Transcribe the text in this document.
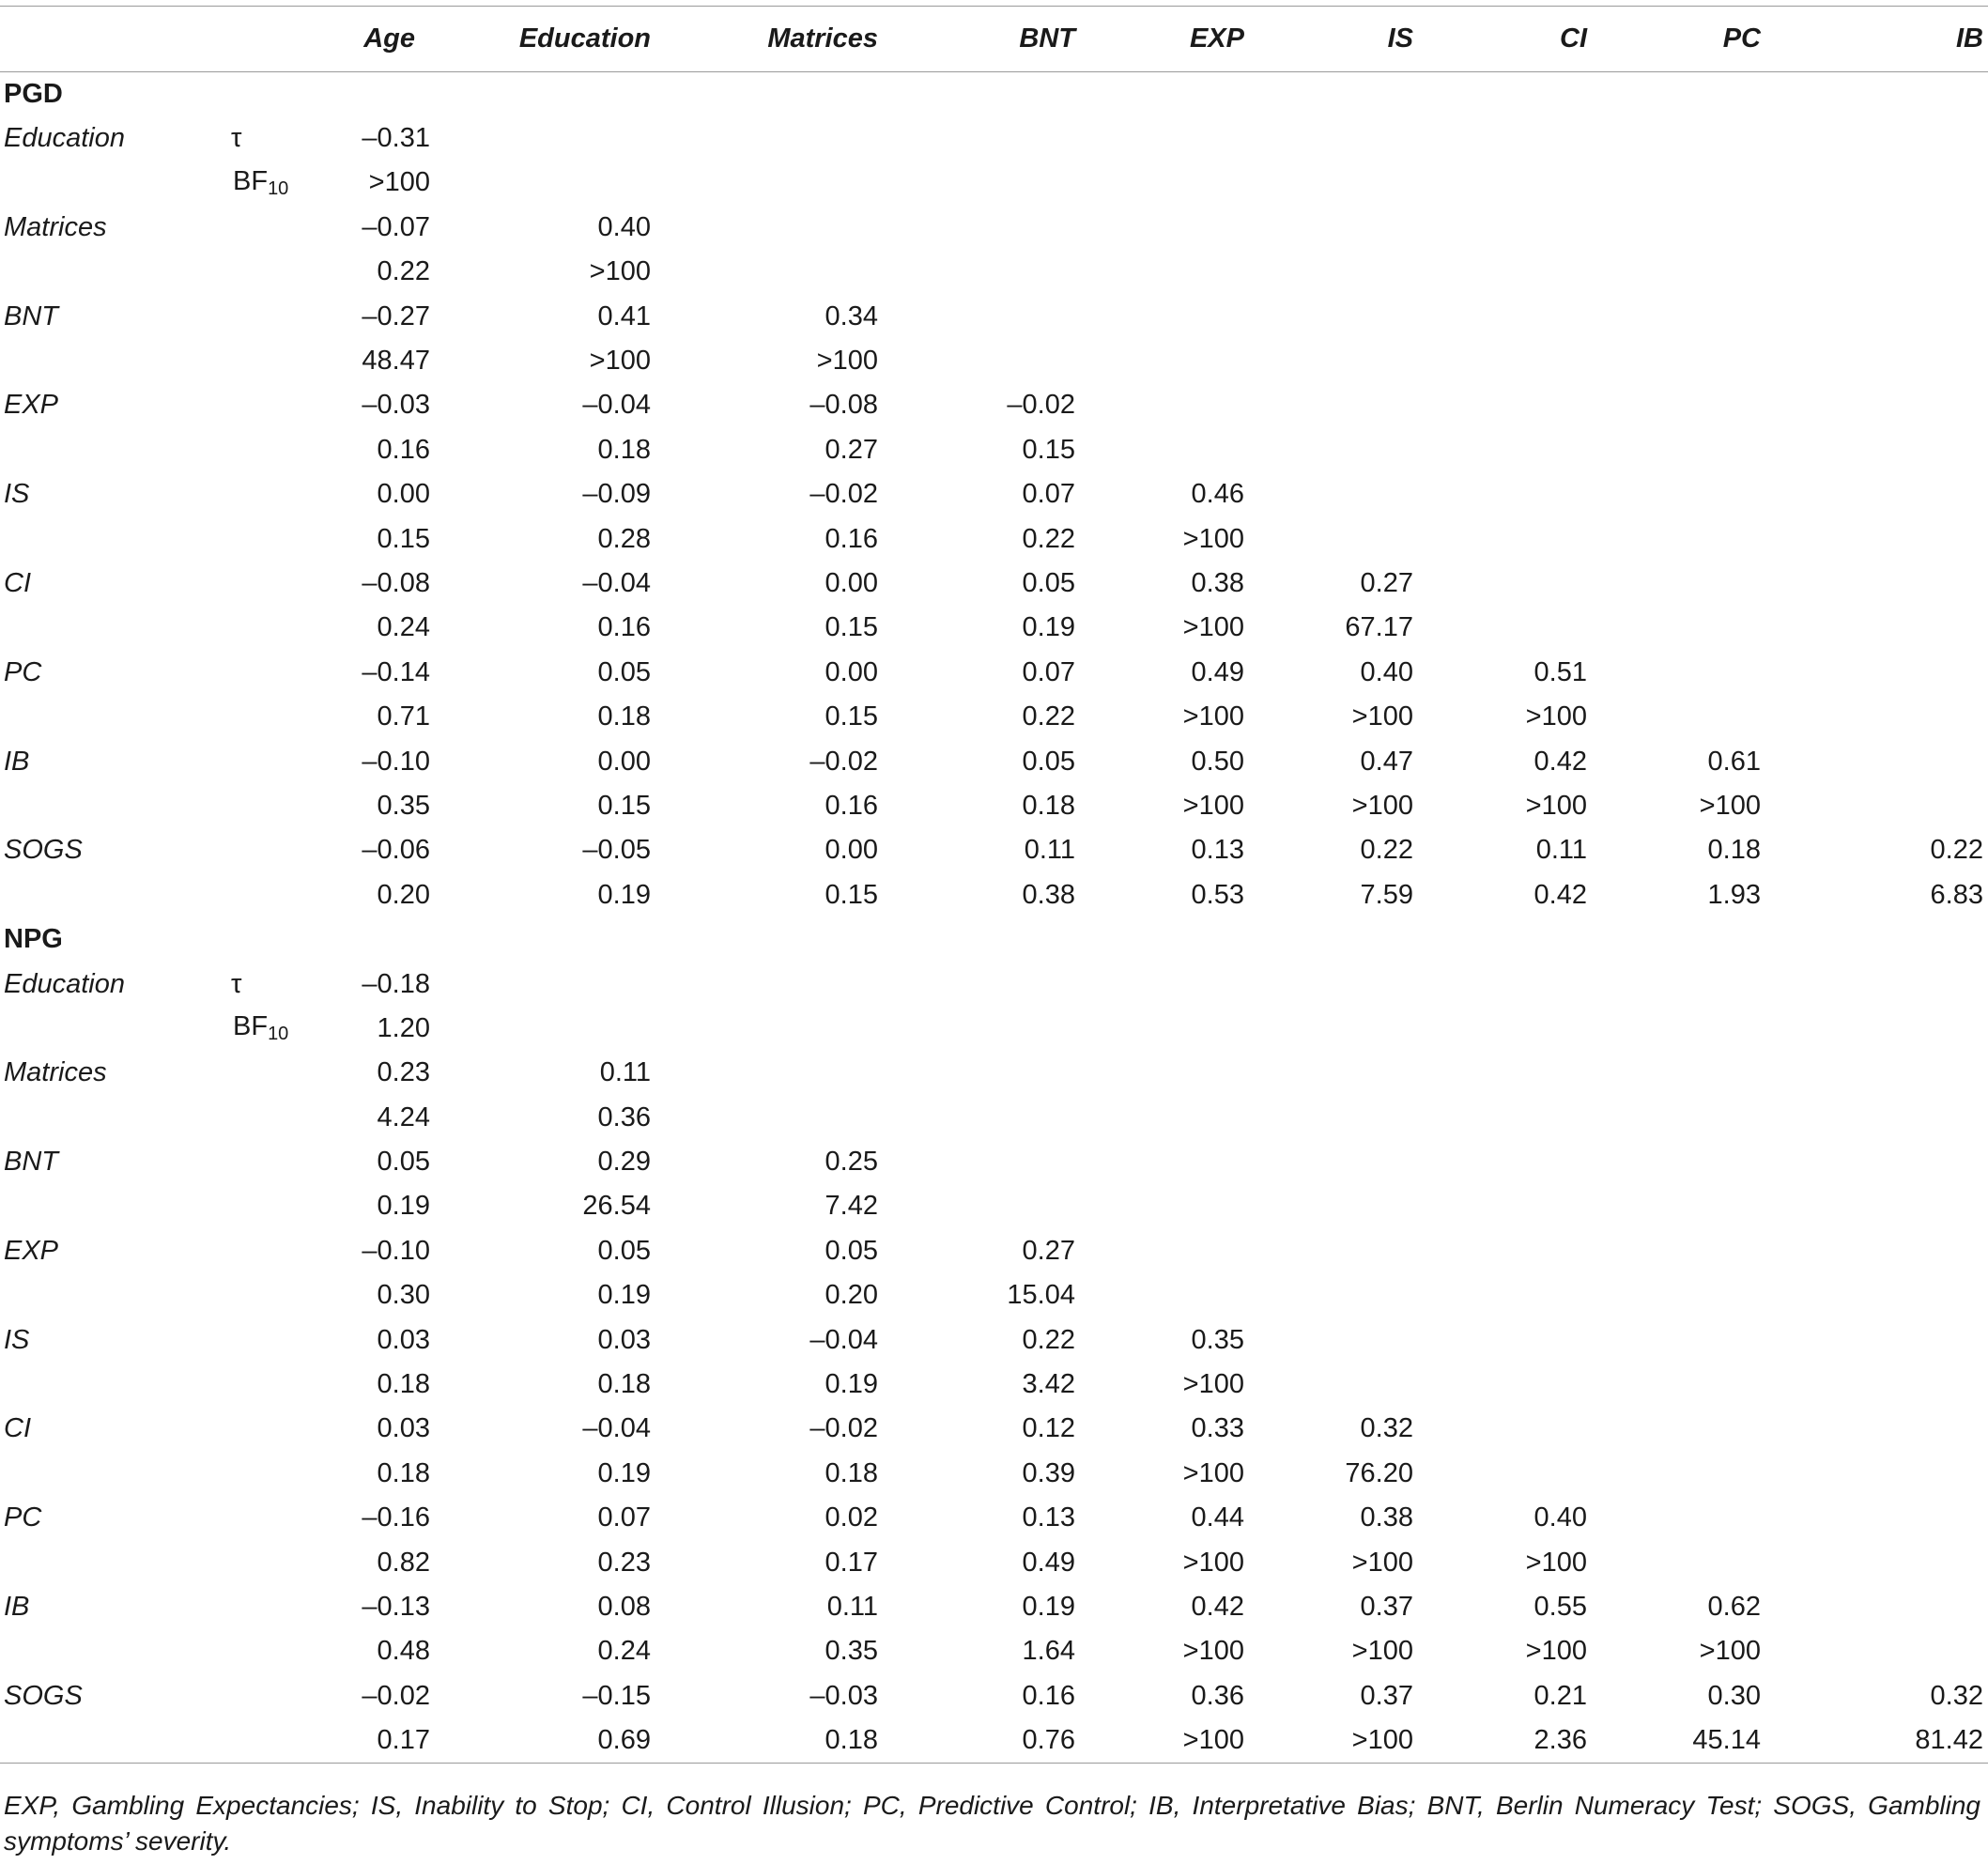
		Age	Education	Matrices	BNT	EXP	IS	CI	PC	IB
PGD										
Education	τ	–0.31								
	$BF_{10}$	>100								
Matrices		–0.07	0.40							
		0.22	>100							
BNT		–0.27	0.41	0.34						
		48.47	>100	>100						
EXP		–0.03	–0.04	–0.08	–0.02					
		0.16	0.18	0.27	0.15					
IS		0.00	–0.09	–0.02	0.07	0.46				
		0.15	0.28	0.16	0.22	>100				
CI		–0.08	–0.04	0.00	0.05	0.38	0.27			
		0.24	0.16	0.15	0.19	>100	67.17			
PC		–0.14	0.05	0.00	0.07	0.49	0.40	0.51		
		0.71	0.18	0.15	0.22	>100	>100	>100		
IB		–0.10	0.00	–0.02	0.05	0.50	0.47	0.42	0.61	
		0.35	0.15	0.16	0.18	>100	>100	>100	>100	
SOGS		–0.06	–0.05	0.00	0.11	0.13	0.22	0.11	0.18	0.22
		0.20	0.19	0.15	0.38	0.53	7.59	0.42	1.93	6.83
NPG										
Education	τ	–0.18								
	$BF_{10}$	1.20								
Matrices		0.23	0.11							
		4.24	0.36							
BNT		0.05	0.29	0.25						
		0.19	26.54	7.42						
EXP		–0.10	0.05	0.05	0.27					
		0.30	0.19	0.20	15.04					
IS		0.03	0.03	–0.04	0.22	0.35				
		0.18	0.18	0.19	3.42	>100				
CI		0.03	–0.04	–0.02	0.12	0.33	0.32			
		0.18	0.19	0.18	0.39	>100	76.20			
PC		–0.16	0.07	0.02	0.13	0.44	0.38	0.40		
		0.82	0.23	0.17	0.49	>100	>100	>100		
IB		–0.13	0.08	0.11	0.19	0.42	0.37	0.55	0.62	
		0.48	0.24	0.35	1.64	>100	>100	>100	>100	
SOGS		–0.02	–0.15	–0.03	0.16	0.36	0.37	0.21	0.30	0.32
		0.17	0.69	0.18	0.76	>100	>100	2.36	45.14	81.42
EXP, Gambling Expectancies; IS, Inability to Stop; CI, Control Illusion; PC, Predictive Control; IB, Interpretative Bias; BNT, Berlin Numeracy Test; SOGS, Gambling symptoms’ severity.
